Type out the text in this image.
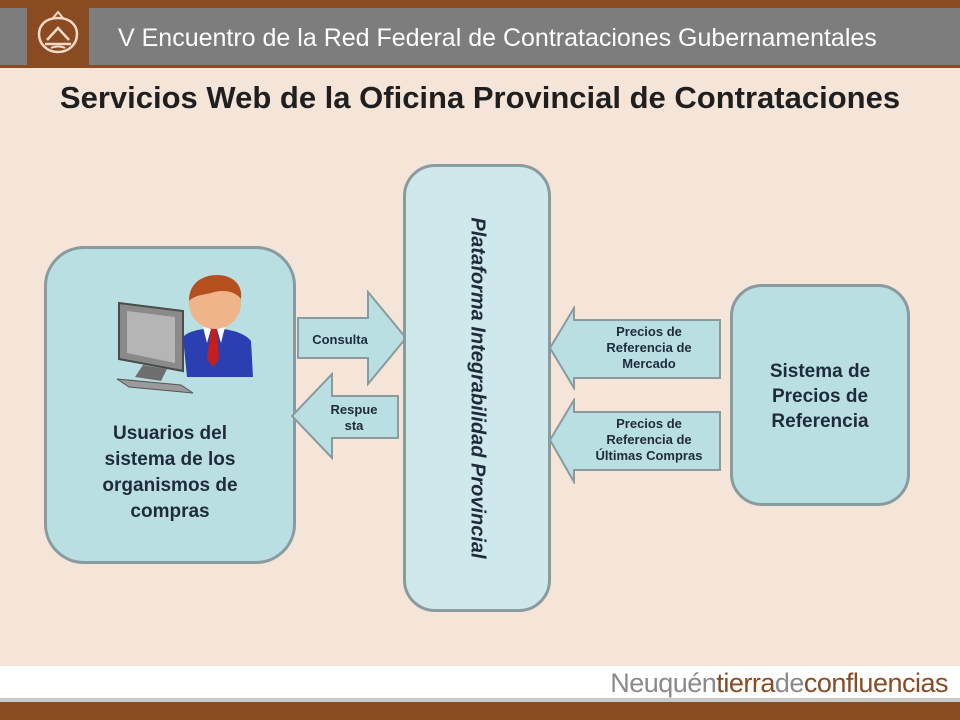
V Encuentro de la Red Federal de Contrataciones Gubernamentales
Servicios Web de la Oficina Provincial de Contrataciones
Usuarios del
sistema de los
organismos de
compras
Consulta
Respue
sta	Plataforma Integrabilidad Provincial	Precios de
Referencia de
Mercado
Precios de
Referencia de
Últimas Compras
Sistema de
Precios de
Referencia
Neuquéntierradeconfluencias
